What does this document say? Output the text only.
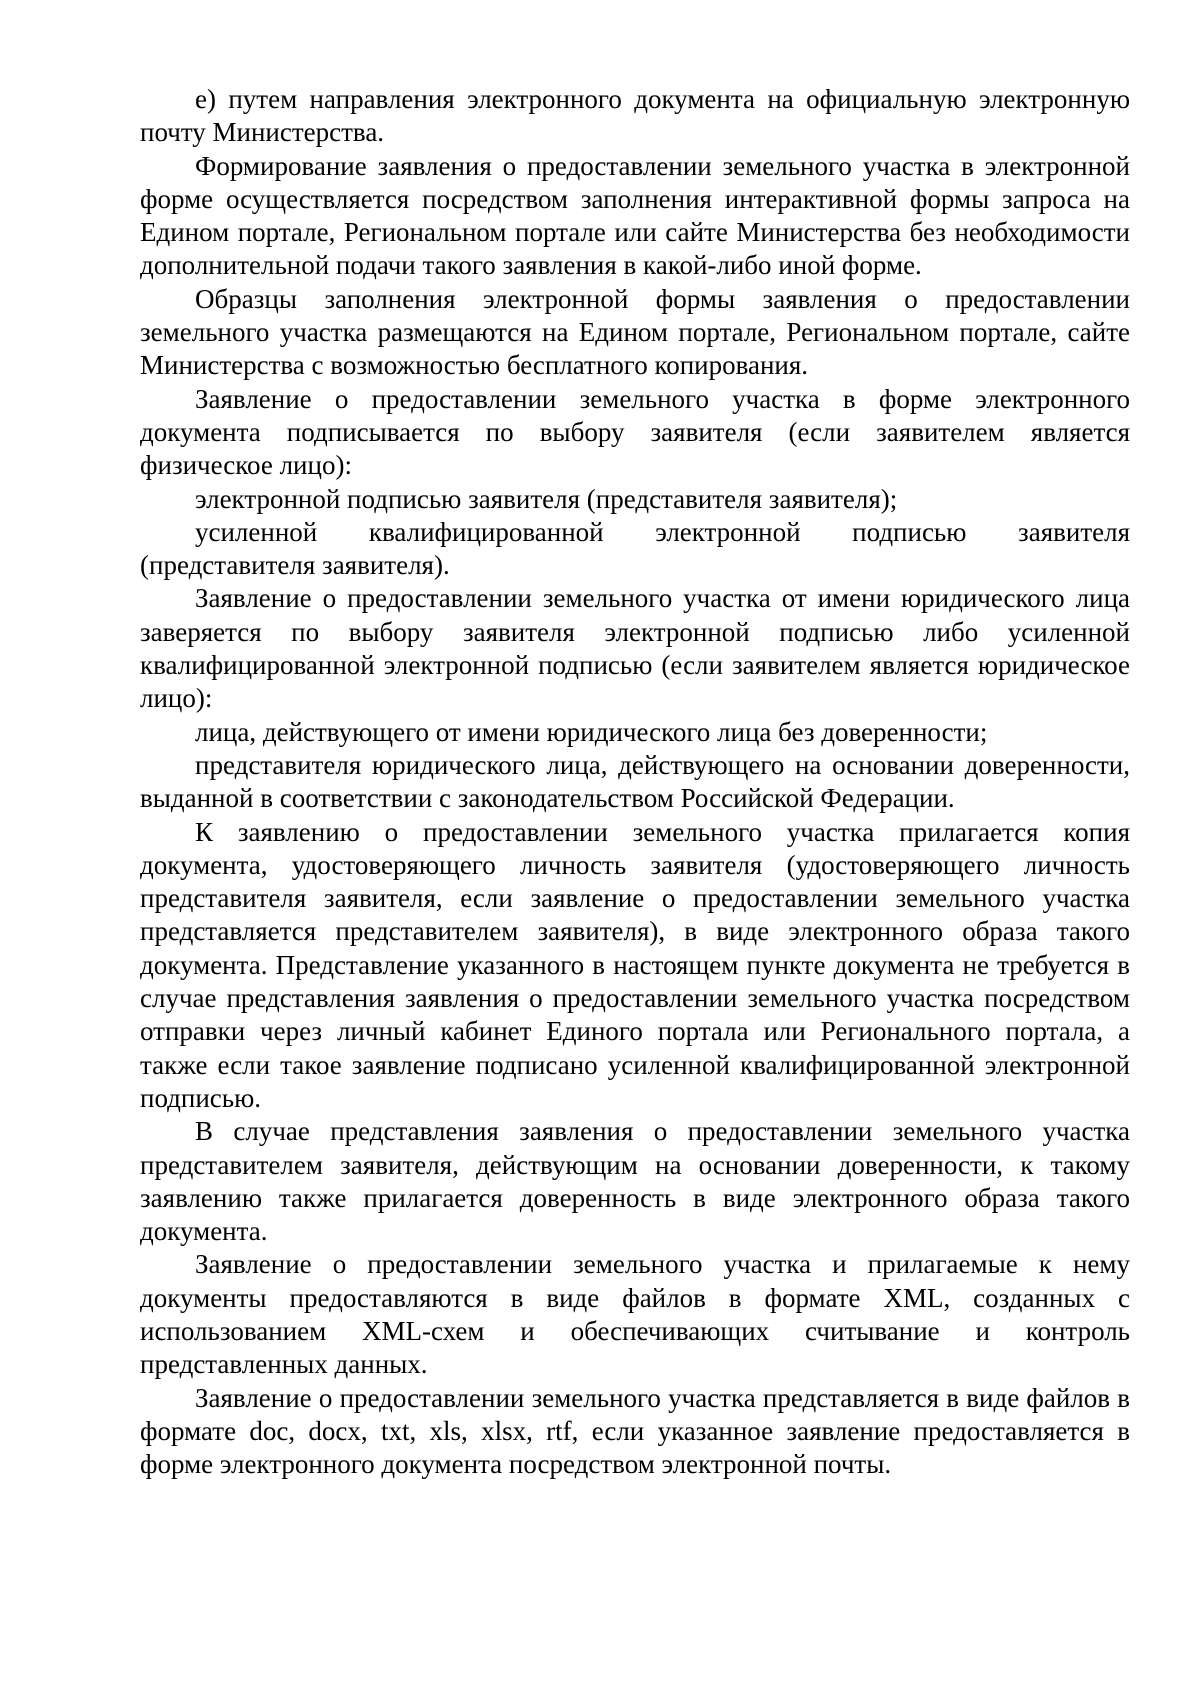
е) путем направления электронного документа на официальную электронную почту Министерства.

Формирование заявления о предоставлении земельного участка в электронной форме осуществляется посредством заполнения интерактивной формы запроса на Едином портале, Региональном портале или сайте Министерства без необходимости дополнительной подачи такого заявления в какой-либо иной форме.

Образцы заполнения электронной формы заявления о предоставлении земельного участка размещаются на Едином портале, Региональном портале, сайте Министерства с возможностью бесплатного копирования.

Заявление о предоставлении земельного участка в форме электронного документа подписывается по выбору заявителя (если заявителем является физическое лицо):

электронной подписью заявителя (представителя заявителя);

усиленной квалифицированной электронной подписью заявителя (представителя заявителя).

Заявление о предоставлении земельного участка от имени юридического лица заверяется по выбору заявителя электронной подписью либо усиленной квалифицированной электронной подписью (если заявителем является юридическое лицо):

лица, действующего от имени юридического лица без доверенности;

представителя юридического лица, действующего на основании доверенности, выданной в соответствии с законодательством Российской Федерации.

К заявлению о предоставлении земельного участка прилагается копия документа, удостоверяющего личность заявителя (удостоверяющего личность представителя заявителя, если заявление о предоставлении земельного участка представляется представителем заявителя), в виде электронного образа такого документа. Представление указанного в настоящем пункте документа не требуется в случае представления заявления о предоставлении земельного участка посредством отправки через личный кабинет Единого портала или Регионального портала, а также если такое заявление подписано усиленной квалифицированной электронной подписью.

В случае представления заявления о предоставлении земельного участка представителем заявителя, действующим на основании доверенности, к такому заявлению также прилагается доверенность в виде электронного образа такого документа.

Заявление о предоставлении земельного участка и прилагаемые к нему документы предоставляются в виде файлов в формате XML, созданных с использованием XML-схем и обеспечивающих считывание и контроль представленных данных.

Заявление о предоставлении земельного участка представляется в виде файлов в формате doc, docx, txt, xls, xlsx, rtf, если указанное заявление предоставляется в форме электронного документа посредством электронной почты.
